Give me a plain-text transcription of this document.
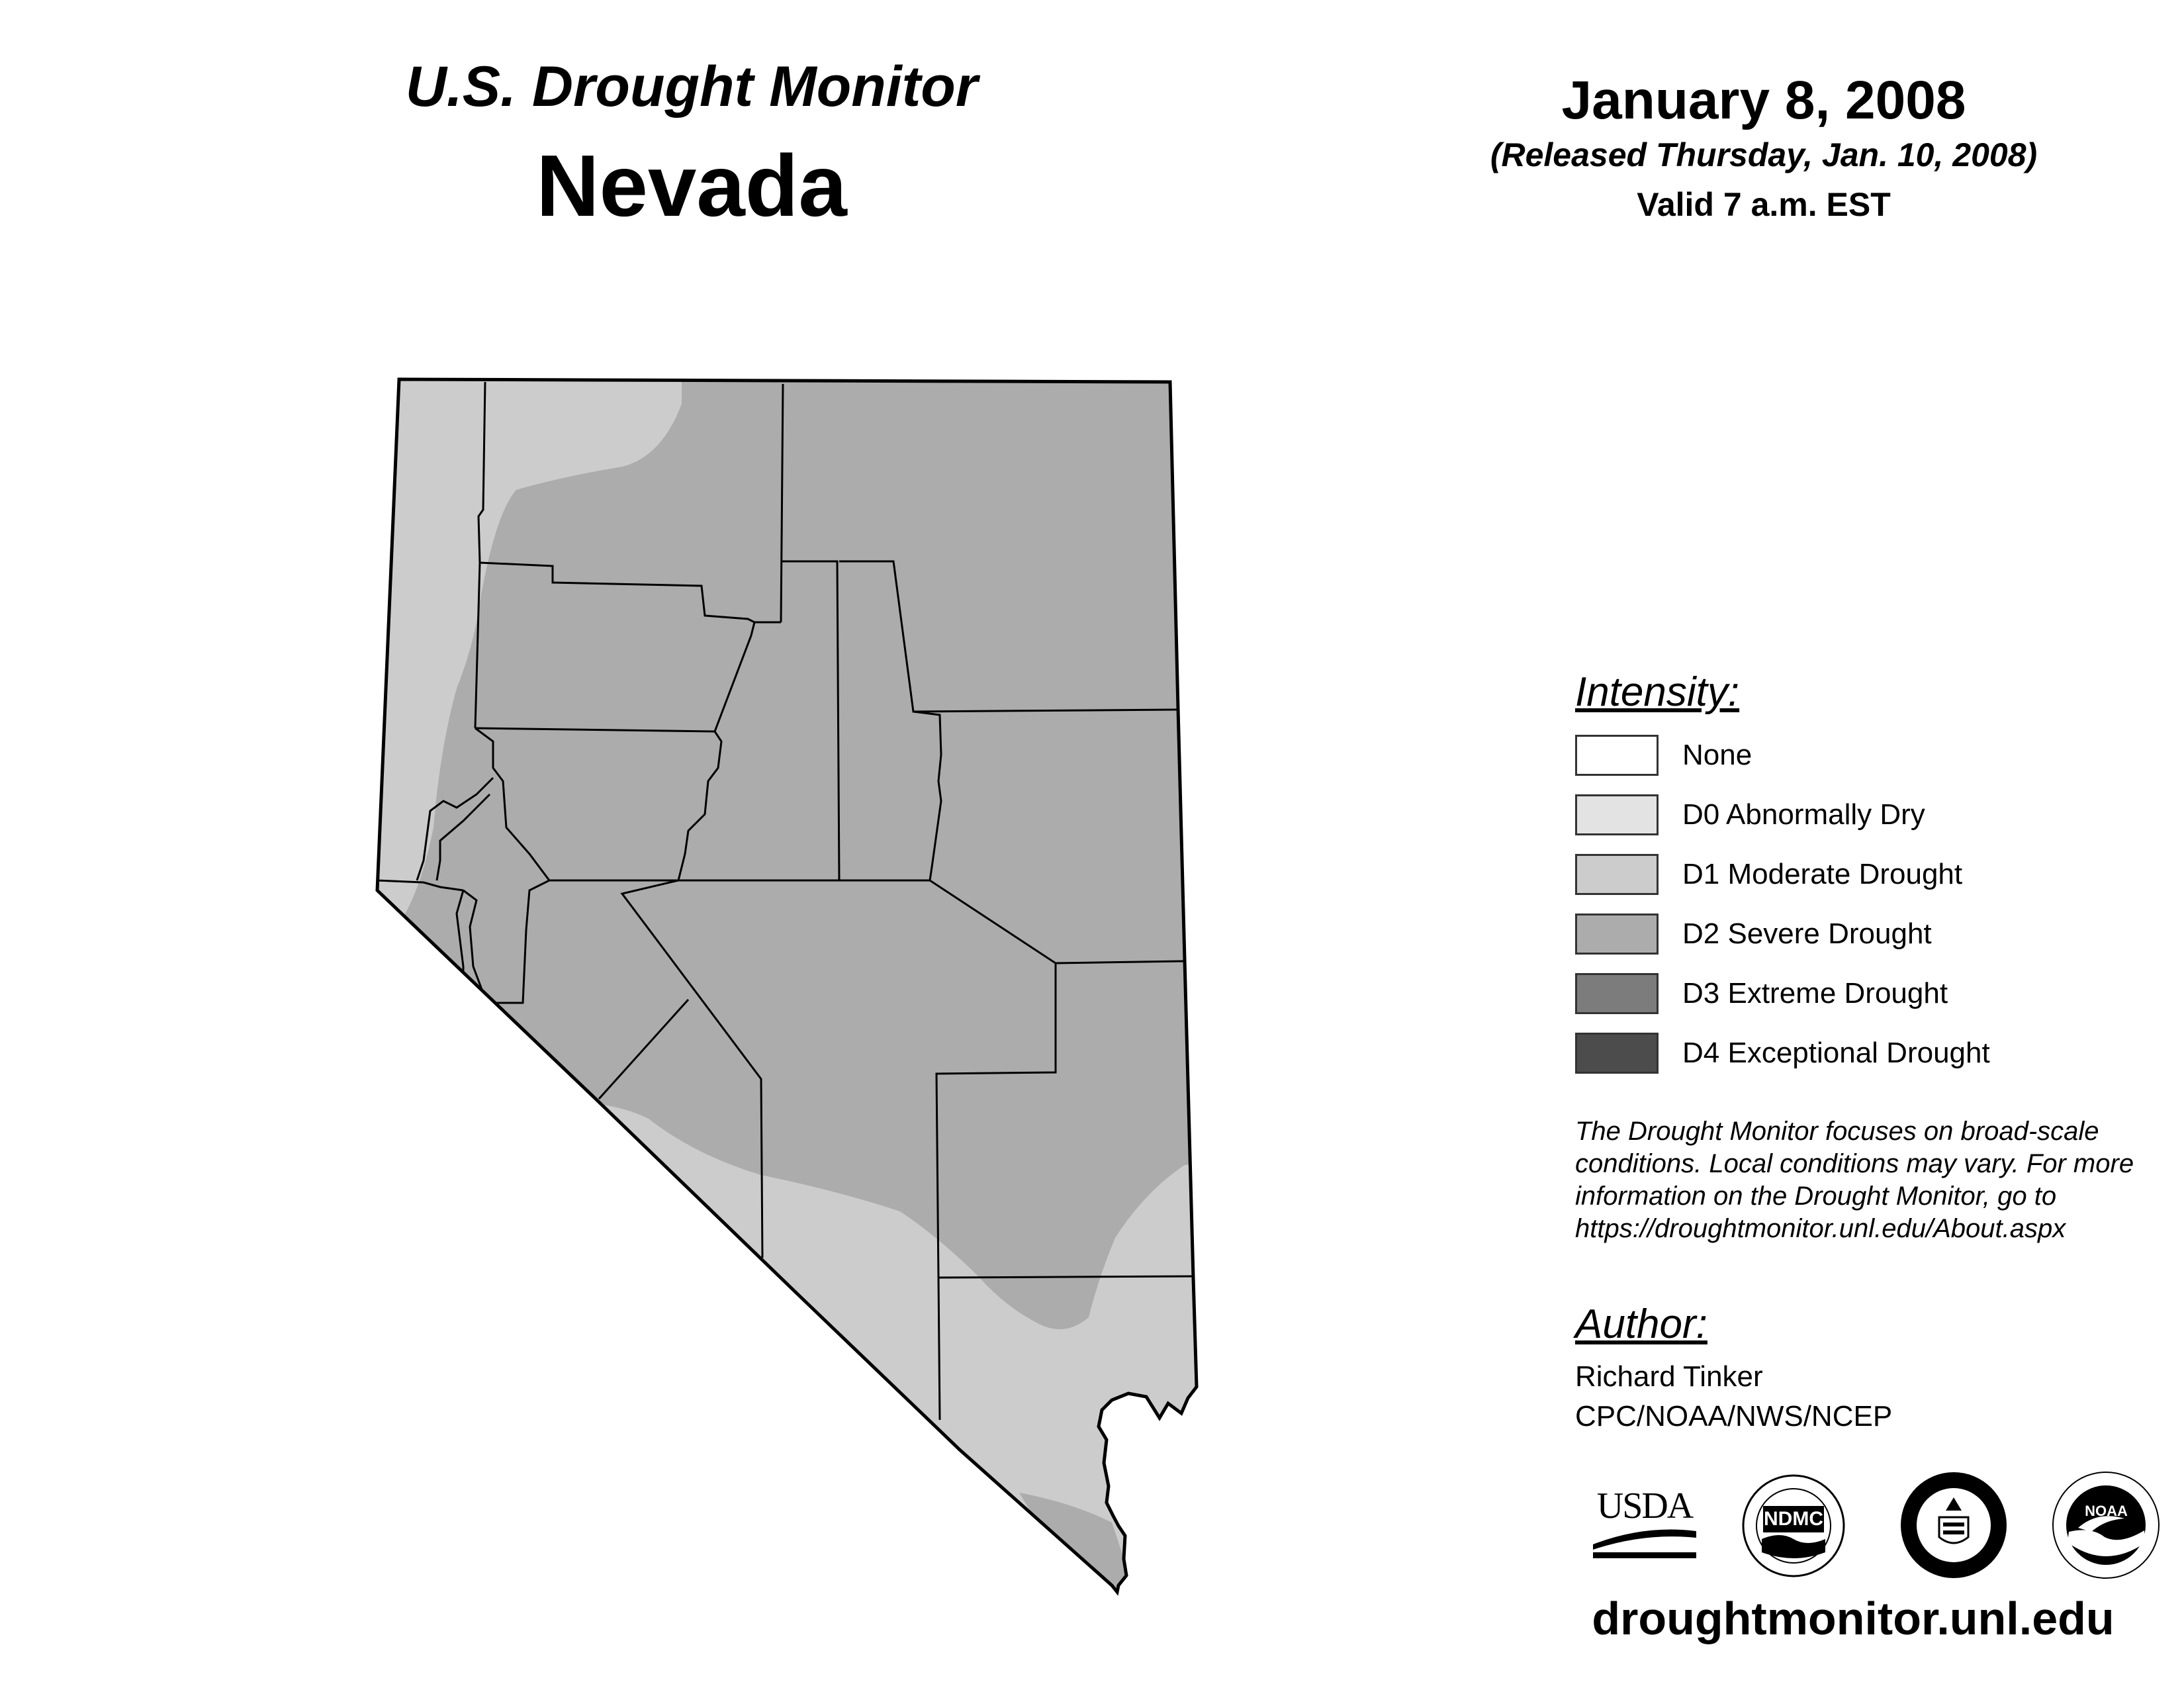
U.S. Drought Monitor
Nevada
January 8, 2008
(Released Thursday, Jan. 10, 2008)
Valid 7 a.m. EST
Intensity:
None
D0 Abnormally Dry
D1 Moderate Drought
D2 Severe Drought
D3 Extreme Drought
D4 Exceptional Drought
The Drought Monitor focuses on broad-scale
conditions. Local conditions may vary. For more
information on the Drought Monitor, go to
https://droughtmonitor.unl.edu/About.aspx
Author:
Richard Tinker
CPC/NOAA/NWS/NCEP
USDA	NDMC	NOAA
droughtmonitor.unl.edu
